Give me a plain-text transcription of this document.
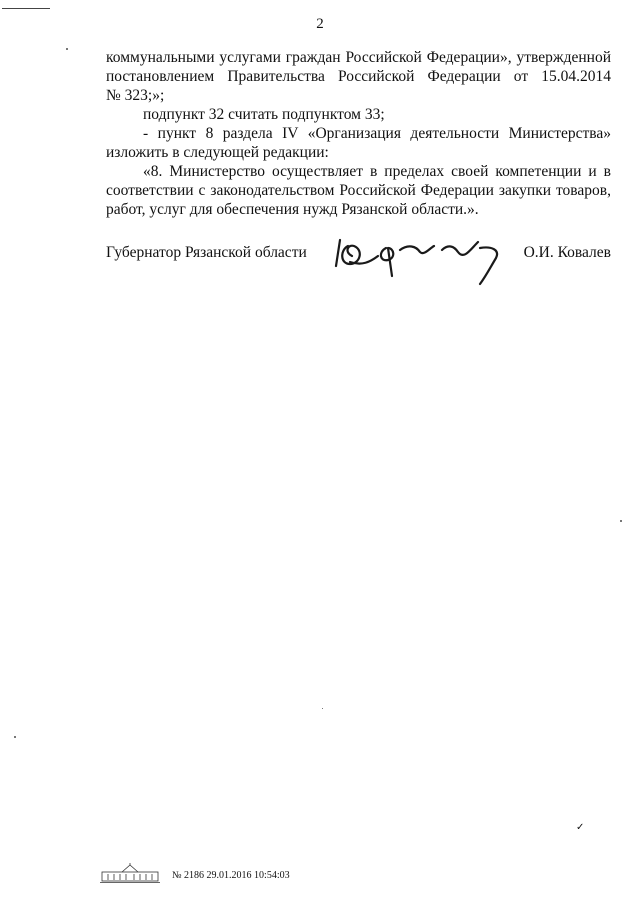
2

коммунальными услугами граждан Российской Федерации», утвержденной

постановлением Правительства Российской Федерации от 15.04.2014

№ 323;»;

подпункт 32 считать подпунктом 33;

- пункт 8 раздела IV «Организация деятельности Министерства»

изложить в следующей редакции:

«8. Министерство осуществляет в пределах своей компетенции и в

соответствии с законодательством Российской Федерации закупки товаров,

работ, услуг для обеспечения нужд Рязанской области.».

Губернатор Рязанской области	О.И. Ковалев
№ 2186 29.01.2016 10:54:03
✓
